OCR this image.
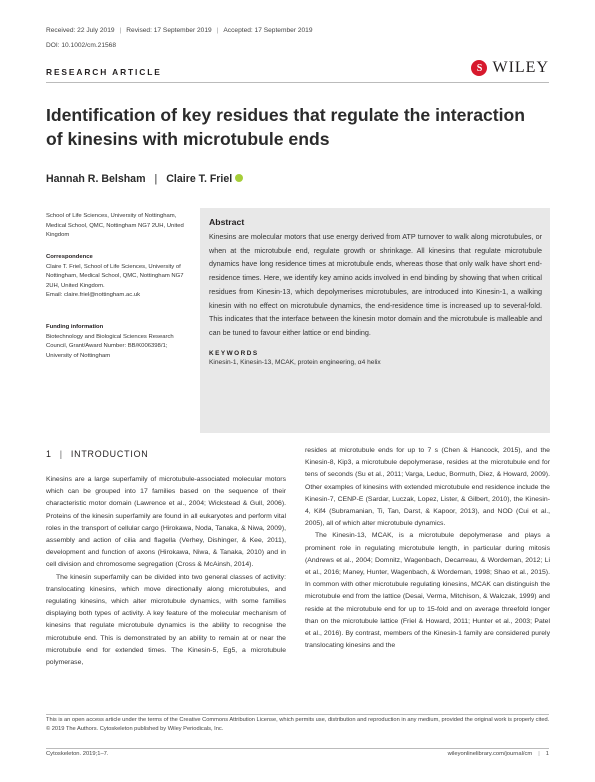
Received: 22 July 2019 | Revised: 17 September 2019 | Accepted: 17 September 2019
DOI: 10.1002/cm.21568
RESEARCH ARTICLE	S WILEY
Identification of key residues that regulate the interaction of kinesins with microtubule ends
Hannah R. Belsham | Claire T. Friel
School of Life Sciences, University of Nottingham, Medical School, QMC, Nottingham NG7 2UH, United Kingdom
Correspondence
Claire T. Friel, School of Life Sciences, University of Nottingham, Medical School, QMC, Nottingham NG7 2UH, United Kingdom.
Email: claire.friel@nottingham.ac.uk
Funding information
Biotechnology and Biological Sciences Research Council, Grant/Award Number: BB/K006398/1; University of Nottingham
Abstract
Kinesins are molecular motors that use energy derived from ATP turnover to walk along microtubules, or when at the microtubule end, regulate growth or shrinkage. All kinesins that regulate microtubule dynamics have long residence times at microtubule ends, whereas those that only walk have short end-residence times. Here, we identify key amino acids involved in end binding by showing that when critical residues from Kinesin-13, which depolymerises microtubules, are introduced into Kinesin-1, a walking kinesin with no effect on microtubule dynamics, the end-residence time is increased up to several-fold. This indicates that the interface between the kinesin motor domain and the microtubule is malleable and can be tuned to favour either lattice or end binding.
KEYWORDS
Kinesin-1, Kinesin-13, MCAK, protein engineering, α4 helix
1 | INTRODUCTION

Kinesins are a large superfamily of microtubule-associated molecular motors which can be grouped into 17 families based on the sequence of their characteristic motor domain (Lawrence et al., 2004; Wickstead & Gull, 2006). Proteins of the kinesin superfamily are found in all eukaryotes and perform vital roles in the transport of cellular cargo (Hirokawa, Noda, Tanaka, & Niwa, 2009), assembly and action of cilia and flagella (Verhey, Dishinger, & Kee, 2011), development and function of axons (Hirokawa, Niwa, & Tanaka, 2010) and in cell division and chromosome segregation (Cross & McAinsh, 2014).

The kinesin superfamily can be divided into two general classes of activity: translocating kinesins, which move directionally along microtubules, and regulating kinesins, which alter microtubule dynamics, with some families displaying both types of activity. A key feature of the molecular mechanism of kinesins that regulate microtubule dynamics is the ability to recognise the microtubule end. This is demonstrated by an ability to remain at or near the microtubule end for extended times. The Kinesin-5, Eg5, a microtubule polymerase,

resides at microtubule ends for up to 7 s (Chen & Hancock, 2015), and the Kinesin-8, Kip3, a microtubule depolymerase, resides at the microtubule end for tens of seconds (Su et al., 2011; Varga, Leduc, Bormuth, Diez, & Howard, 2009). Other examples of kinesins with extended microtubule end residence include the Kinesin-7, CENP-E (Sardar, Luczak, Lopez, Lister, & Gilbert, 2010), the Kinesin-4, Kif4 (Subramanian, Ti, Tan, Darst, & Kapoor, 2013), and NOD (Cui et al., 2005), all of which alter microtubule dynamics.

The Kinesin-13, MCAK, is a microtubule depolymerase and plays a prominent role in regulating microtubule length, in particular during mitosis (Andrews et al., 2004; Domnitz, Wagenbach, Decarreau, & Wordeman, 2012; Li et al., 2016; Maney, Hunter, Wagenbach, & Wordeman, 1998; Shao et al., 2015). In common with other microtubule regulating kinesins, MCAK can distinguish the microtubule end from the lattice (Desai, Verma, Mitchison, & Walczak, 1999) and reside at the microtubule end for up to 15-fold and on average threefold longer than on the microtubule lattice (Friel & Howard, 2011; Hunter et al., 2003; Patel et al., 2016). By contrast, members of the Kinesin-1 family are considered purely translocating kinesins and the

This is an open access article under the terms of the Creative Commons Attribution License, which permits use, distribution and reproduction in any medium, provided the original work is properly cited.
© 2019 The Authors. Cytoskeleton published by Wiley Periodicals, Inc.
Cytoskeleton. 2019;1–7.	wileyonlinelibrary.com/journal/cm | 1
